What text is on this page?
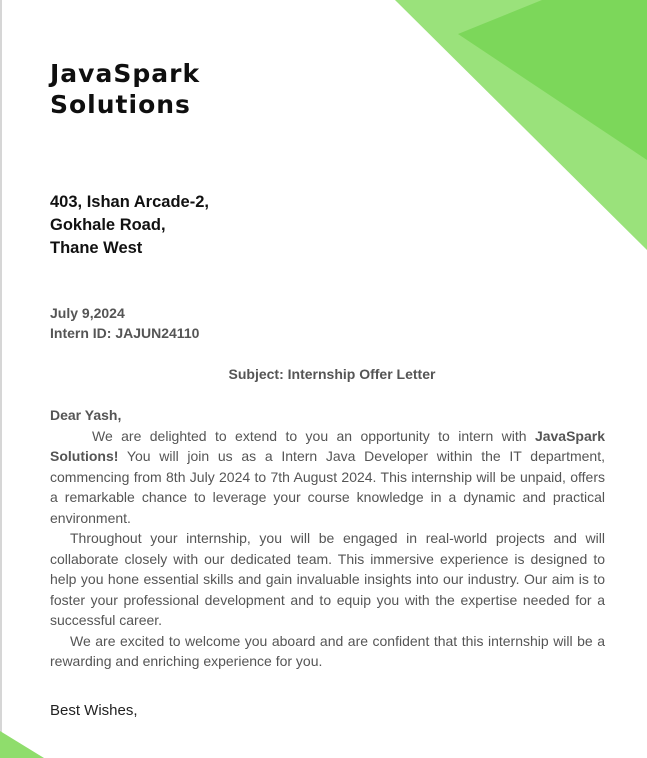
JavaSpark
Solutions
403, Ishan Arcade-2,
Gokhale Road,
Thane West
July 9,2024
Intern ID: JAJUN24110
Subject: Internship Offer Letter
Dear Yash,

We are delighted to extend to you an opportunity to intern with JavaSpark Solutions! You will join us as a Intern Java Developer within the IT department, commencing from 8th July 2024 to 7th August 2024. This internship will be unpaid, offers a remarkable chance to leverage your course knowledge in a dynamic and practical environment.

Throughout your internship, you will be engaged in real-world projects and will collaborate closely with our dedicated team. This immersive experience is designed to help you hone essential skills and gain invaluable insights into our industry. Our aim is to foster your professional development and to equip you with the expertise needed for a successful career.

We are excited to welcome you aboard and are confident that this internship will be a rewarding and enriching experience for you.

Best Wishes,
